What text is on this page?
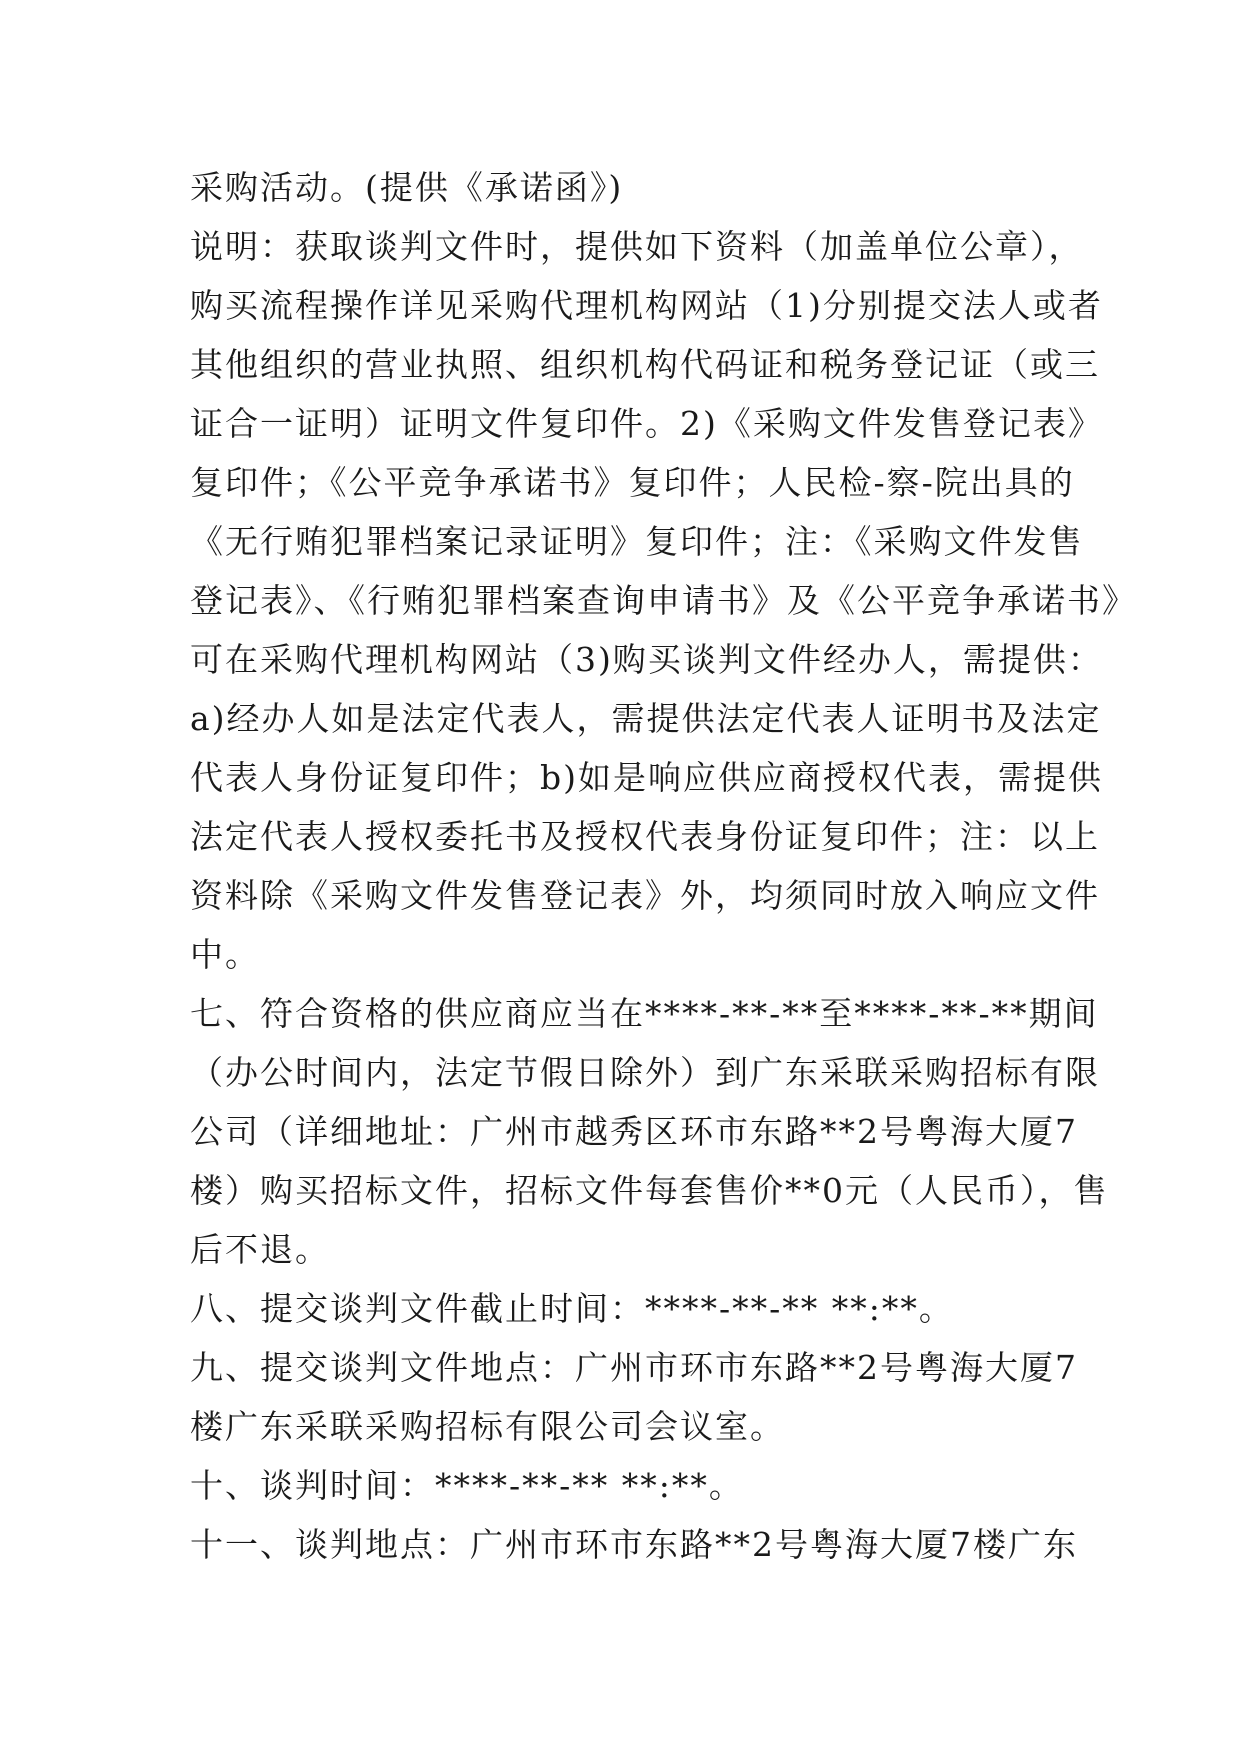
采购活动。(提供《承诺函》)
说明：获取谈判文件时，提供如下资料（加盖单位公章），
购买流程操作详见采购代理机构网站（1)分别提交法人或者
其他组织的营业执照、组织机构代码证和税务登记证（或三
证合一证明）证明文件复印件。2)《采购文件发售登记表》
复印件；《公平竞争承诺书》复印件；人民检-察-院出具的
《无行贿犯罪档案记录证明》复印件；注：《采购文件发售
登记表》、《行贿犯罪档案查询申请书》及《公平竞争承诺书》
可在采购代理机构网站（3)购买谈判文件经办人，需提供：
a)经办人如是法定代表人，需提供法定代表人证明书及法定
代表人身份证复印件；b)如是响应供应商授权代表，需提供
法定代表人授权委托书及授权代表身份证复印件；注：以上
资料除《采购文件发售登记表》外，均须同时放入响应文件
中。
七、符合资格的供应商应当在****-**-**至****-**-**期间
（办公时间内，法定节假日除外）到广东采联采购招标有限
公司（详细地址：广州市越秀区环市东路**2号粤海大厦7
楼）购买招标文件，招标文件每套售价**0元（人民币），售
后不退。
八、提交谈判文件截止时间：****-**-** **:**。
九、提交谈判文件地点：广州市环市东路**2号粤海大厦7
楼广东采联采购招标有限公司会议室。
十、谈判时间：****-**-** **:**。
十一、谈判地点：广州市环市东路**2号粤海大厦7楼广东
